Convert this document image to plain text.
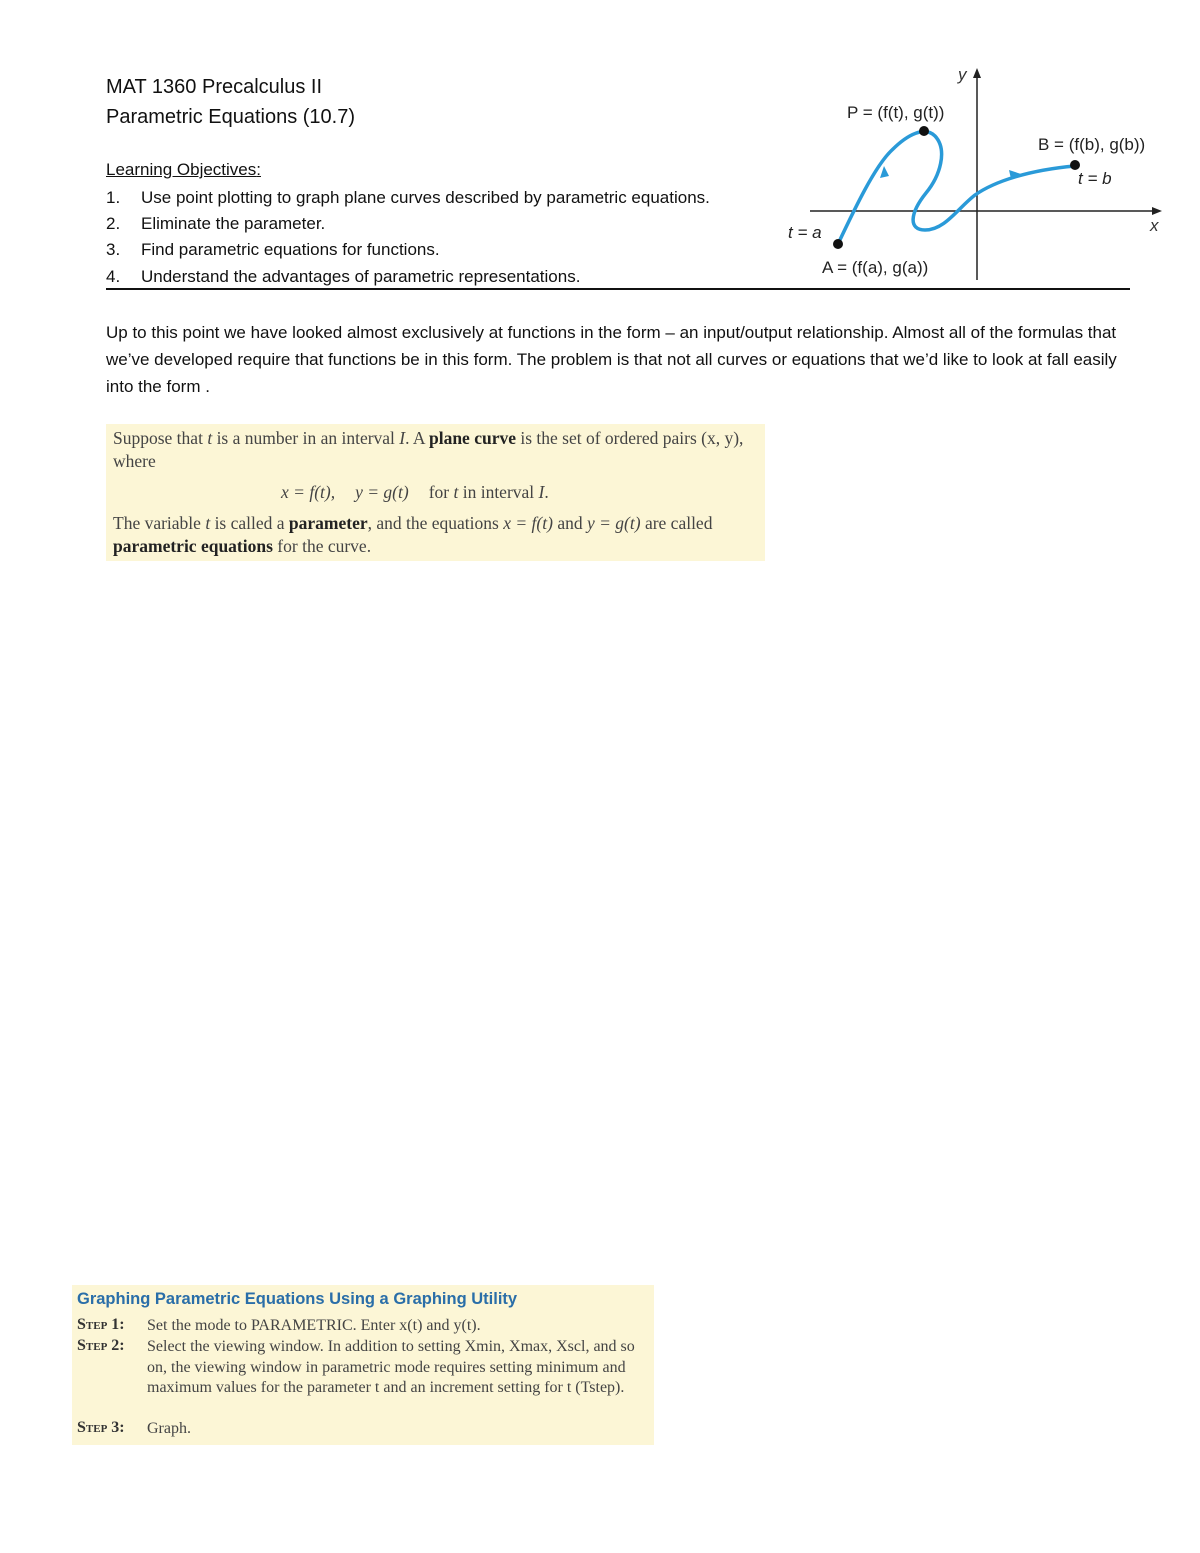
MAT 1360 Precalculus II
Parametric Equations (10.7)
Learning Objectives:
1. Use point plotting to graph plane curves described by parametric equations.
2. Eliminate the parameter.
3. Find parametric equations for functions.
4. Understand the advantages of parametric representations.
y
x
P = (f(t), g(t))
B = (f(b), g(b))
t = b
t = a
A = (f(a), g(a))
Up to this point we have looked almost exclusively at functions in the form – an input/output relationship. Almost all of the formulas that we’ve developed require that functions be in this form. The problem is that not all curves or equations that we’d like to look at fall easily into the form .
Suppose that t is a number in an interval I. A plane curve is the set of ordered pairs (x, y), where
x = f(t), y = g(t) for t in interval I.
The variable t is called a parameter, and the equations x = f(t) and y = g(t) are called parametric equations for the curve.
Graphing Parametric Equations Using a Graphing Utility
Step 1: Set the mode to PARAMETRIC. Enter x(t) and y(t).
Step 2: Select the viewing window. In addition to setting Xmin, Xmax, Xscl, and so on, the viewing window in parametric mode requires setting minimum and maximum values for the parameter t and an increment setting for t (Tstep).
Step 3: Graph.
